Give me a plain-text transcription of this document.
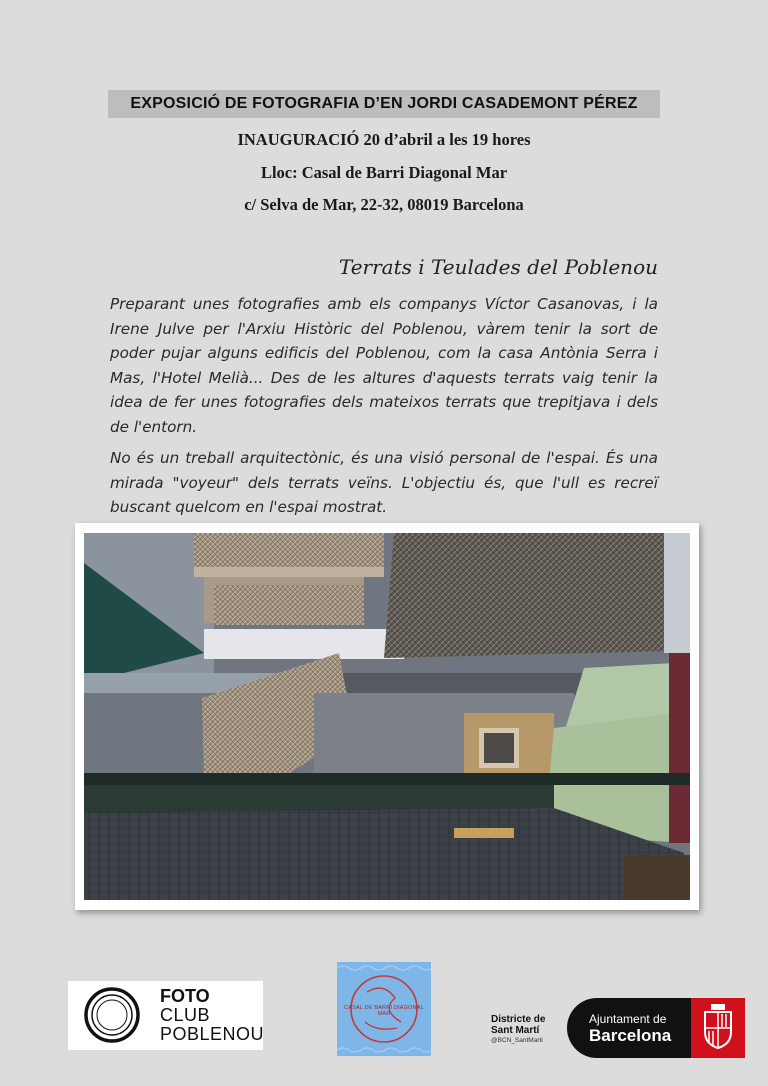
EXPOSICIÓ DE FOTOGRAFIA D’EN JORDI CASADEMONT PÉREZ
INAUGURACIÓ 20 d’abril a les 19 hores
Lloc: Casal de Barri Diagonal Mar
c/ Selva de Mar, 22-32, 08019 Barcelona
Terrats i Teulades del Poblenou

Preparant unes fotografies amb els companys Víctor Casanovas, i la Irene Julve per l'Arxiu Històric del Poblenou, vàrem tenir la sort de poder pujar alguns edificis del Poblenou, com la casa Antònia Serra i Mas, l'Hotel Melià... Des de les altures d'aquests terrats vaig tenir la idea de fer unes fotografies dels mateixos terrats que trepitjava i dels de l'entorn.

No és un treball arquitectònic, és una visió personal de l'espai. És una mirada "voyeur" dels terrats veïns. L'objectiu és, que l'ull es recreï buscant quelcom en l'espai mostrat.

FOTO
CLUB
POBLENOU
CASAL DE BARRI DIAGONAL MAR	Districte de
Sant Martí
@BCN_SantMarti
Ajuntament de
Barcelona
